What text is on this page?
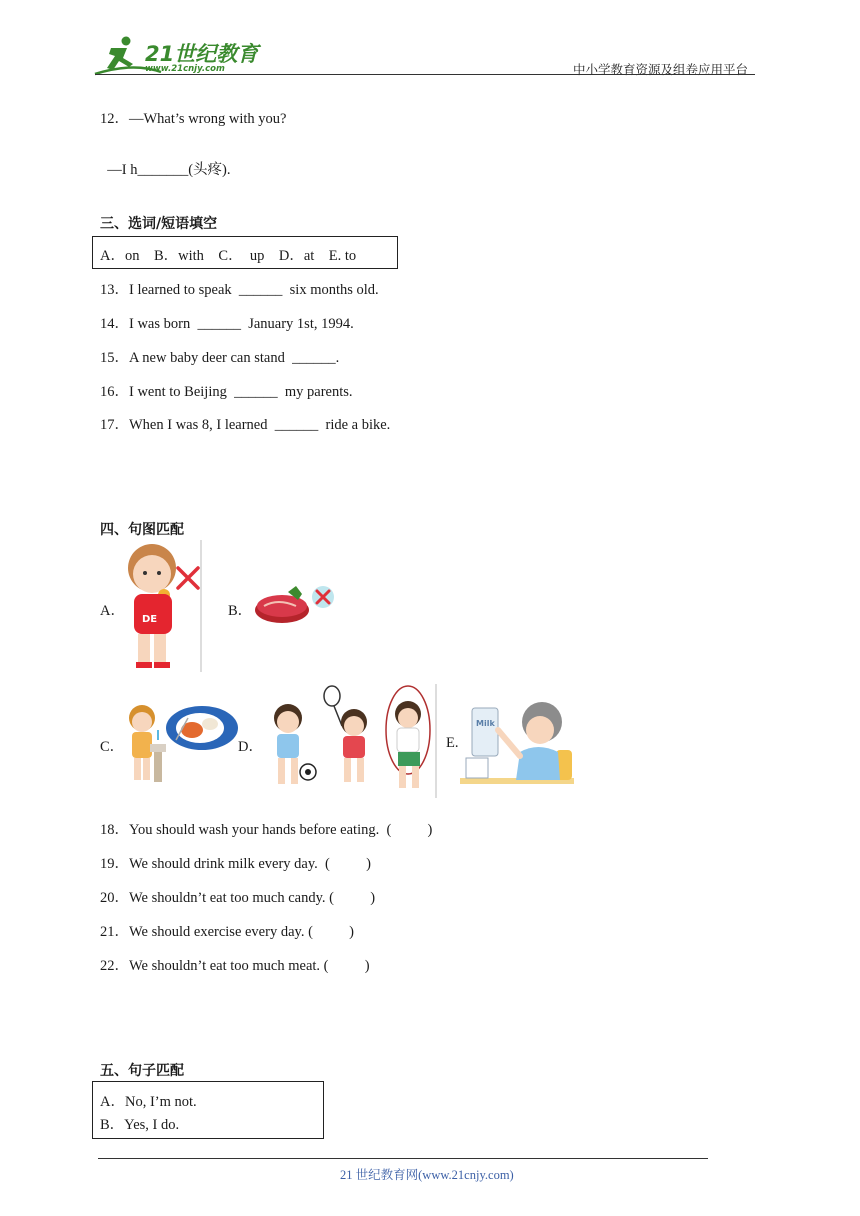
21世纪教育
www.21cnjy.com	中小学教育资源及组卷应用平台
12．—What’s wrong with you?

—I h_______(头疼).

三、选词/短语填空
A．on    B．with    C．  up    D．at    E. to
13．I learned to speak  ______  six months old.
14．I was born  ______  January 1st, 1994.
15．A new baby deer can stand  ______.
16．I went to Beijing  ______  my parents.
17．When I was 8, I learned  ______  ride a bike.
四、句图匹配
A．
DE
B．
C．	D．	E.
Milk
18．You should wash your hands before eating.  (          )
19．We should drink milk every day.  (          )
20．We shouldn’t eat too much candy. (          )
21．We should exercise every day. (          )
22．We shouldn’t eat too much meat. (          )
五、句子匹配
A．No, I’m not.
B．Yes, I do.
21 世纪教育网(www.21cnjy.com)
